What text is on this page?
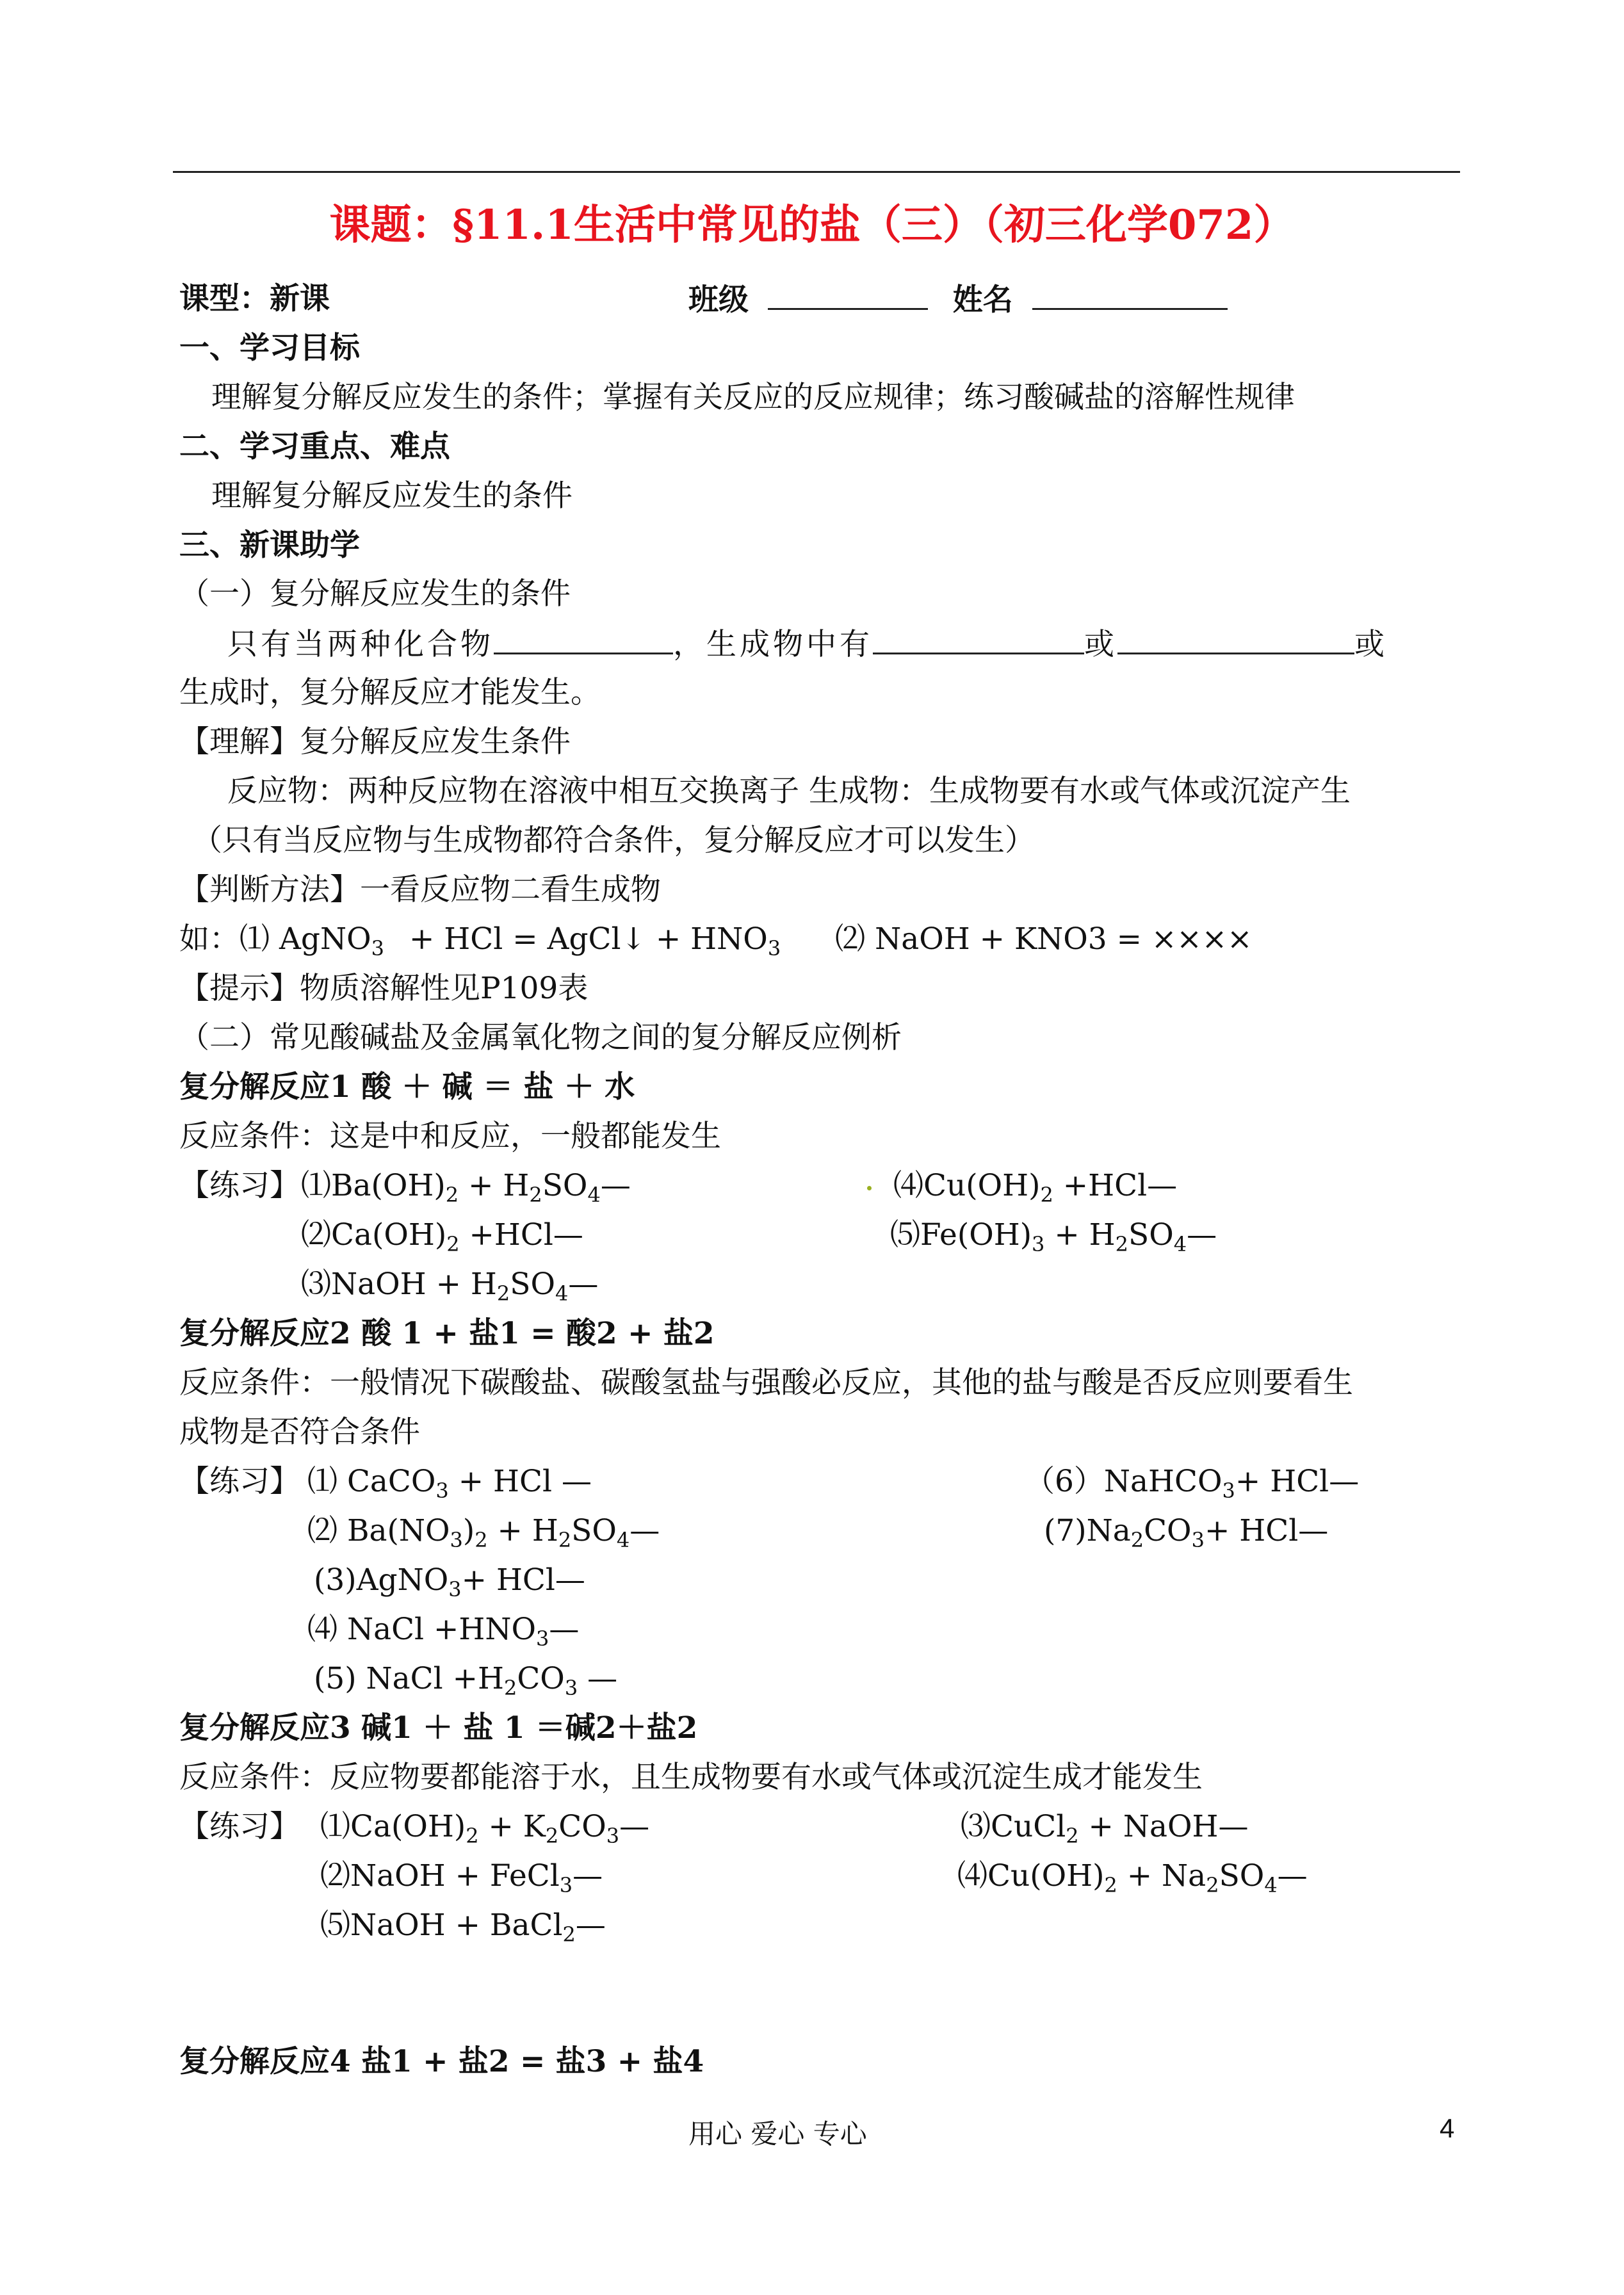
课题：§11.1生活中常见的盐（三）（初三化学072）
课型：新课	班级	姓名
一、学习目标
理解复分解反应发生的条件；掌握有关反应的反应规律；练习酸碱盐的溶解性规律
二、学习重点、难点
理解复分解反应发生的条件
三、新课助学
（一）复分解反应发生的条件
只有当两种化合物	，生成物中有	或	或
生成时，复分解反应才能发生。
【理解】复分解反应发生条件
反应物：两种反应物在溶液中相互交换离子 生成物：生成物要有水或气体或沉淀产生
（只有当反应物与生成物都符合条件，复分解反应才可以发生）
【判断方法】一看反应物二看生成物
如：⑴ AgNO$_3$ + HCl = AgCl↓ + $HNO_3$ ⑵ NaOH + KNO3 = ××××
【提示】物质溶解性见P109表
（二）常见酸碱盐及金属氧化物之间的复分解反应例析
复分解反应1 酸 ＋ 碱 ＝ 盐 ＋ 水
反应条件：这是中和反应，一般都能发生
【练习】 $⑴Ba(OH)_2$ + $H_2SO_4—$	$⑷Cu(OH)_2$ +HCl—
$⑵Ca(OH)_2$ +HCl—	$⑸Fe(OH)_3$ + $H_2SO_4—$
⑶NaOH + $H_2SO_4—$
复分解反应2 酸 1 + 盐1 = 酸2 + 盐2
反应条件：一般情况下碳酸盐、碳酸氢盐与强酸必反应，其他的盐与酸是否反应则要看生
成物是否符合条件
【练习】 ⑴ CaCO$_3$ + HCl —	（6）NaHCO$_3$+ HCl—
⑵ $Ba(NO_3)_2$ + $H_2SO_4—$	$(7)Na_2CO_3+$ HCl—
(3)AgNO$_3$+ HCl—
⑷ NaCl $+HNO_3—$
(5) NaCl $+H_2CO_3$ —
复分解反应3 碱1 ＋ 盐 1 ＝碱2＋盐2
反应条件：反应物要都能溶于水，且生成物要有水或气体或沉淀生成才能发生
【练习】 $⑴Ca(OH)_2$ + $K_2CO_3—$	⑶CuCl$_2$ + NaOH—
⑵NaOH + FeCl$_3$—	$⑷Cu(OH)_2$ + $Na_2SO_4—$
⑸NaOH + BaCl$_2$—
复分解反应4 盐1 + 盐2 = 盐3 + 盐4
用心 爱心 专心	4
